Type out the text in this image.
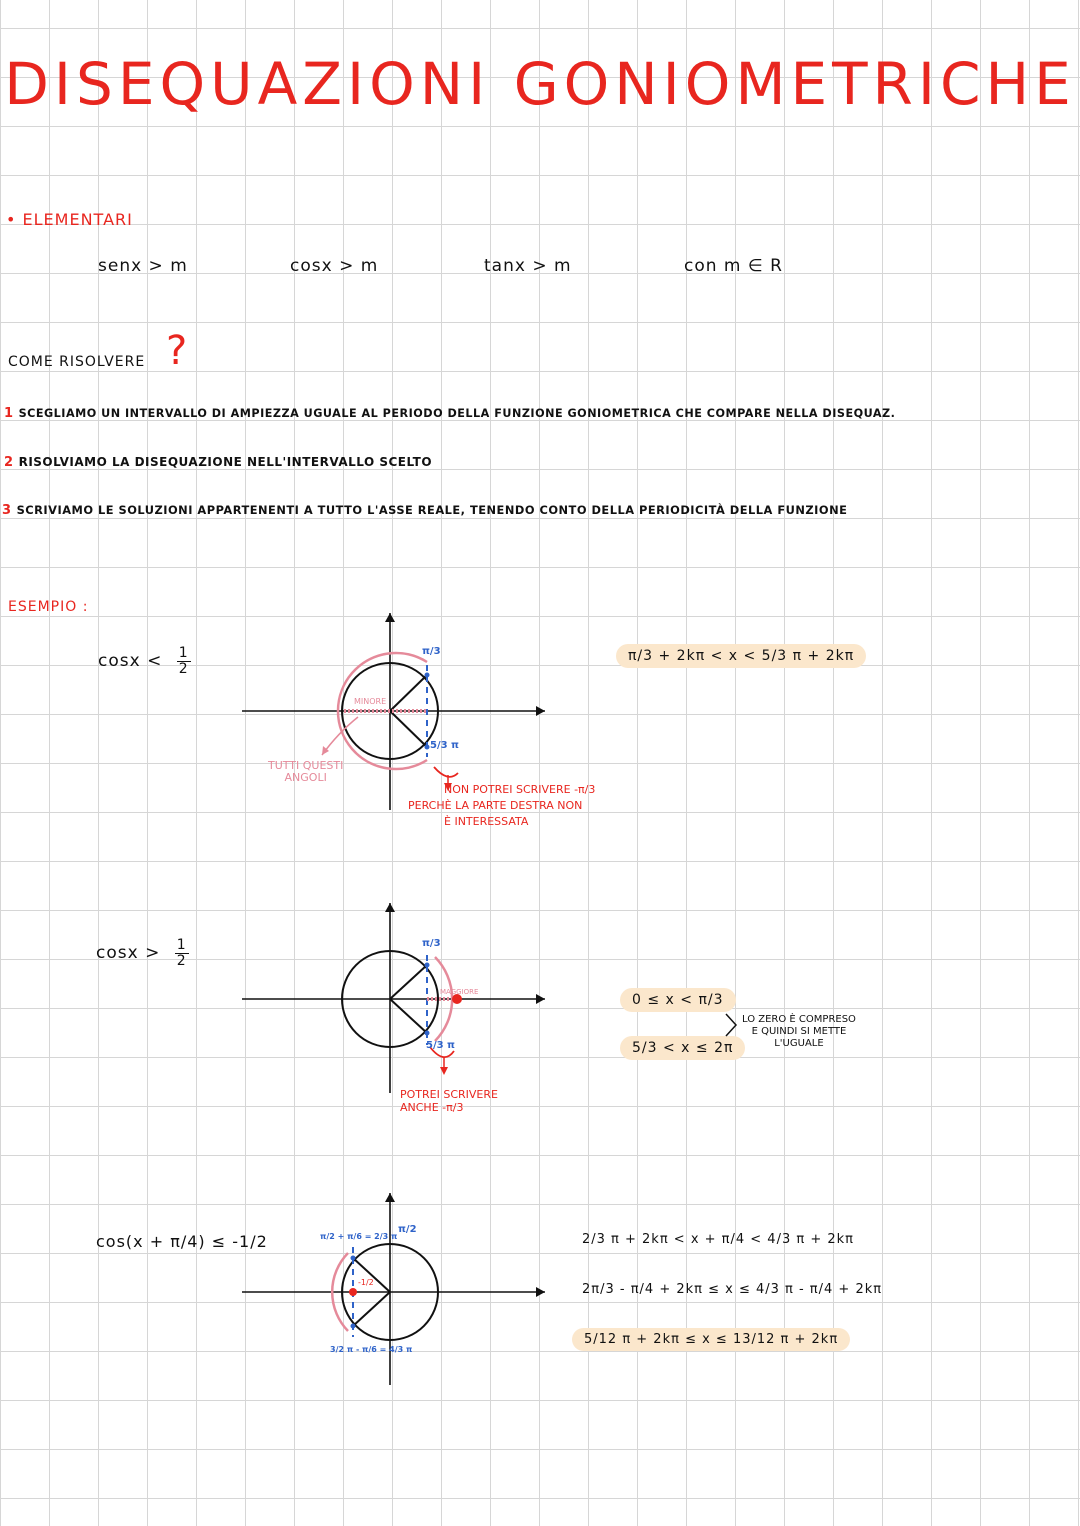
DISEQUAZIONI GONIOMETRICHE
• ELEMENTARI
senx > m	cosx > m	tanx > m	con m ∈ R
COME RISOLVERE ?
1 SCEGLIAMO UN INTERVALLO DI AMPIEZZA UGUALE AL PERIODO DELLA FUNZIONE GONIOMETRICA CHE COMPARE NELLA DISEQUAZ.
2 RISOLVIAMO LA DISEQUAZIONE NELL'INTERVALLO SCELTO
3 SCRIVIAMO LE SOLUZIONI APPARTENENTI A TUTTO L'ASSE REALE, TENENDO CONTO DELLA PERIODICITÀ DELLA FUNZIONE
ESEMPIO :
$\cos x < \frac{1}{2}$	π/3
5/3 π
MINORE
TUTTI QUESTI
ANGOLI
NON POTREI SCRIVERE -π/3
PERCHÈ LA PARTE DESTRA NON
È INTERESSATA
π/3 + 2kπ < x < 5/3 π + 2kπ
$\cos x > \frac{1}{2}$	π/3
5/3 π
MAGGIORE
POTREI SCRIVERE
ANCHE -π/3
0 ≤ x < π/3
5/3 < x ≤ 2π
LO ZERO È COMPRESO
E QUINDI SI METTE
L'UGUALE
cos(x + π/4) ≤ -1/2
π/2
π/2 + π/6 = 2/3 π
3/2 π - π/6 = 4/3 π
-1/2
2/3 π + 2kπ < x + π/4 < 4/3 π + 2kπ
2π/3 - π/4 + 2kπ ≤ x ≤ 4/3 π - π/4 + 2kπ
5/12 π + 2kπ ≤ x ≤ 13/12 π + 2kπ
